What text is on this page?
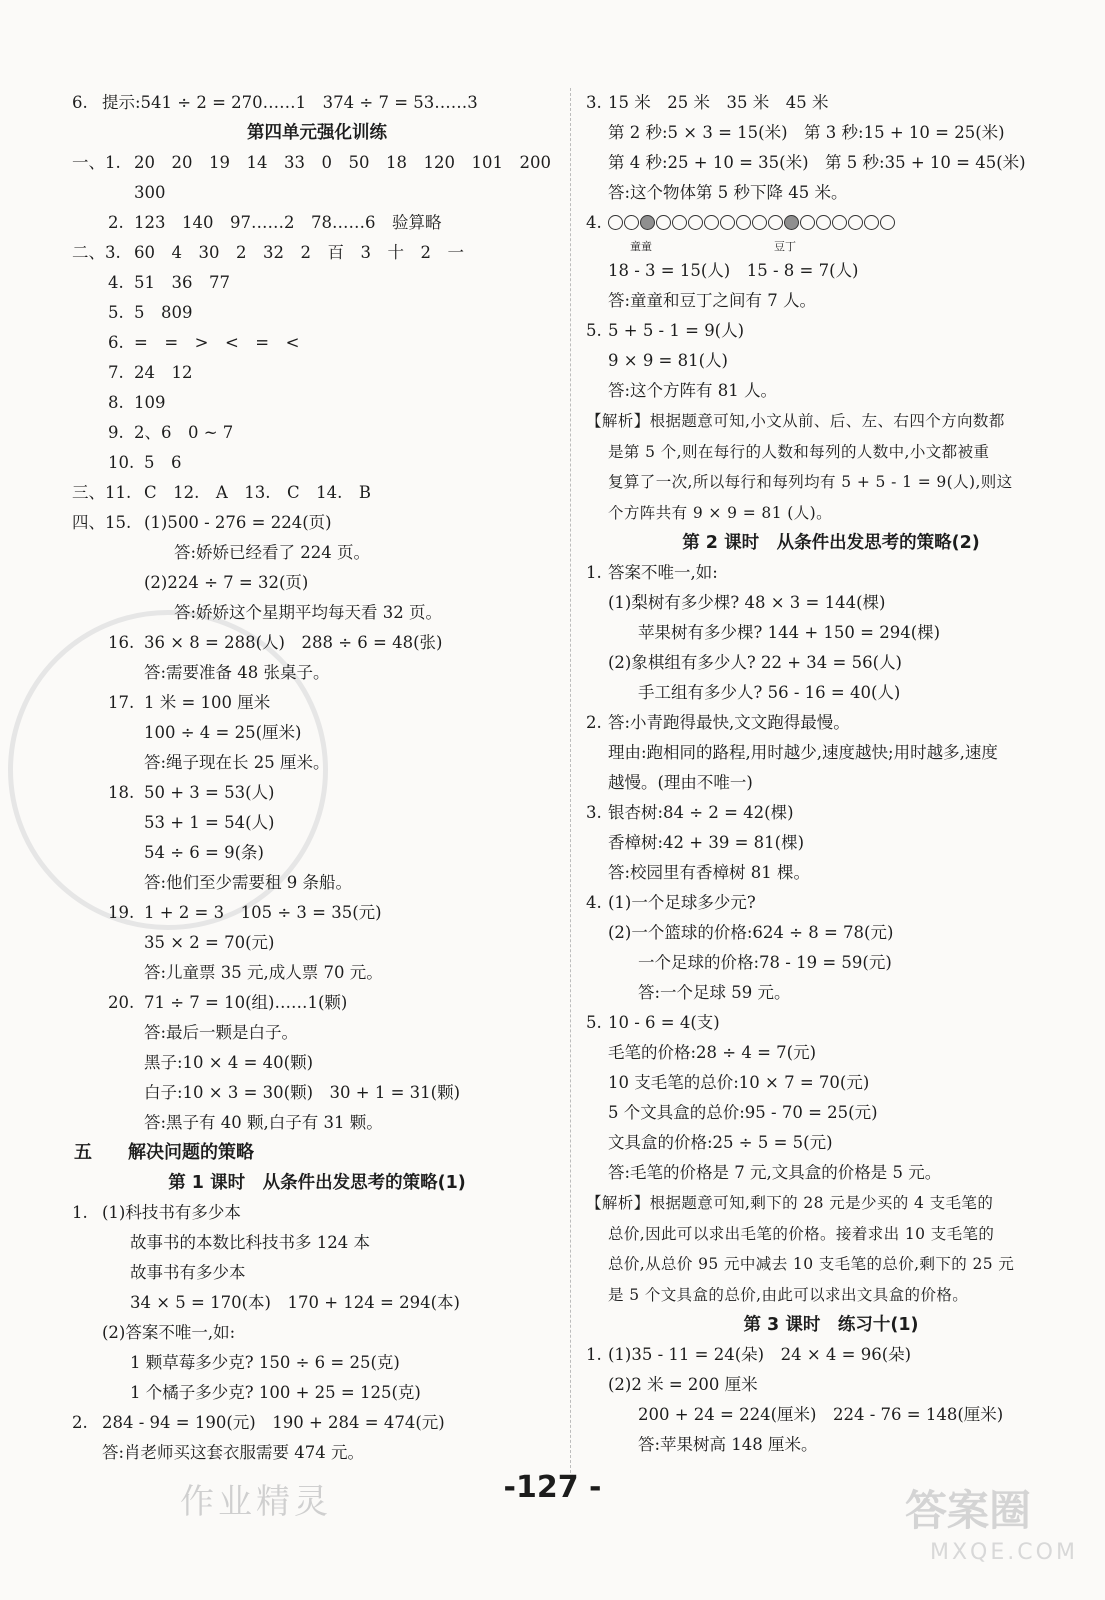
6. 提示:541 ÷ 2 = 270……1　374 ÷ 7 = 53……3
第四单元强化训练
一、1. 20　20　19　14　33　0　50　18　120　101　200
300
2. 123　140　97……2　78……6　验算略
二、3. 60　4　30　2　32　2　百　3　十　2　一
4. 51　36　77
5. 5　809
6. =　=　>　<　=　<
7. 24　12
8. 109
9. 2、6　0 ~ 7
10. 5　6
三、11. C　12.　A　13.　C　14.　B
四、15. (1)500 - 276 = 224(页)
答:娇娇已经看了 224 页。
(2)224 ÷ 7 = 32(页)
答:娇娇这个星期平均每天看 32 页。
16. 36 × 8 = 288(人)　288 ÷ 6 = 48(张)
答:需要准备 48 张桌子。
17. 1 米 = 100 厘米
100 ÷ 4 = 25(厘米)
答:绳子现在长 25 厘米。
18. 50 + 3 = 53(人)
53 + 1 = 54(人)
54 ÷ 6 = 9(条)
答:他们至少需要租 9 条船。
19. 1 + 2 = 3　105 ÷ 3 = 35(元)
35 × 2 = 70(元)
答:儿童票 35 元,成人票 70 元。
20. 71 ÷ 7 = 10(组)……1(颗)
答:最后一颗是白子。
黑子:10 × 4 = 40(颗)
白子:10 × 3 = 30(颗)　30 + 1 = 31(颗)
答:黑子有 40 颗,白子有 31 颗。
五 解决问题的策略
第 1 课时　从条件出发思考的策略(1)
1. (1)科技书有多少本
故事书的本数比科技书多 124 本
故事书有多少本
34 × 5 = 170(本)　170 + 124 = 294(本)
(2)答案不唯一,如:
1 颗草莓多少克? 150 ÷ 6 = 25(克)
1 个橘子多少克? 100 + 25 = 125(克)
2. 284 - 94 = 190(元)　190 + 284 = 474(元)
答:肖老师买这套衣服需要 474 元。
3. 15 米　25 米　35 米　45 米
第 2 秒:5 × 3 = 15(米)　第 3 秒:15 + 10 = 25(米)
第 4 秒:25 + 10 = 35(米)　第 5 秒:35 + 10 = 45(米)
答:这个物体第 5 秒下降 45 米。
4.
童童	豆丁
18 - 3 = 15(人)　15 - 8 = 7(人)
答:童童和豆丁之间有 7 人。
5. 5 + 5 - 1 = 9(人)
9 × 9 = 81(人)
答:这个方阵有 81 人。
【解析】根据题意可知,小文从前、后、左、右四个方向数都
是第 5 个,则在每行的人数和每列的人数中,小文都被重
复算了一次,所以每行和每列均有 5 + 5 - 1 = 9(人),则这
个方阵共有 9 × 9 = 81 (人)。
第 2 课时　从条件出发思考的策略(2)
1. 答案不唯一,如:
(1)梨树有多少棵? 48 × 3 = 144(棵)
苹果树有多少棵? 144 + 150 = 294(棵)
(2)象棋组有多少人? 22 + 34 = 56(人)
手工组有多少人? 56 - 16 = 40(人)
2. 答:小青跑得最快,文文跑得最慢。
理由:跑相同的路程,用时越少,速度越快;用时越多,速度
越慢。(理由不唯一)
3. 银杏树:84 ÷ 2 = 42(棵)
香樟树:42 + 39 = 81(棵)
答:校园里有香樟树 81 棵。
4. (1)一个足球多少元?
(2)一个篮球的价格:624 ÷ 8 = 78(元)
一个足球的价格:78 - 19 = 59(元)
答:一个足球 59 元。
5. 10 - 6 = 4(支)
毛笔的价格:28 ÷ 4 = 7(元)
10 支毛笔的总价:10 × 7 = 70(元)
5 个文具盒的总价:95 - 70 = 25(元)
文具盒的价格:25 ÷ 5 = 5(元)
答:毛笔的价格是 7 元,文具盒的价格是 5 元。
【解析】根据题意可知,剩下的 28 元是少买的 4 支毛笔的
总价,因此可以求出毛笔的价格。接着求出 10 支毛笔的
总价,从总价 95 元中减去 10 支毛笔的总价,剩下的 25 元
是 5 个文具盒的总价,由此可以求出文具盒的价格。
第 3 课时　练习十(1)
1. (1)35 - 11 = 24(朵)　24 × 4 = 96(朵)
(2)2 米 = 200 厘米
200 + 24 = 224(厘米)　224 - 76 = 148(厘米)
答:苹果树高 148 厘米。
-127 -
作业精灵	答案圈
MXQE.COM
